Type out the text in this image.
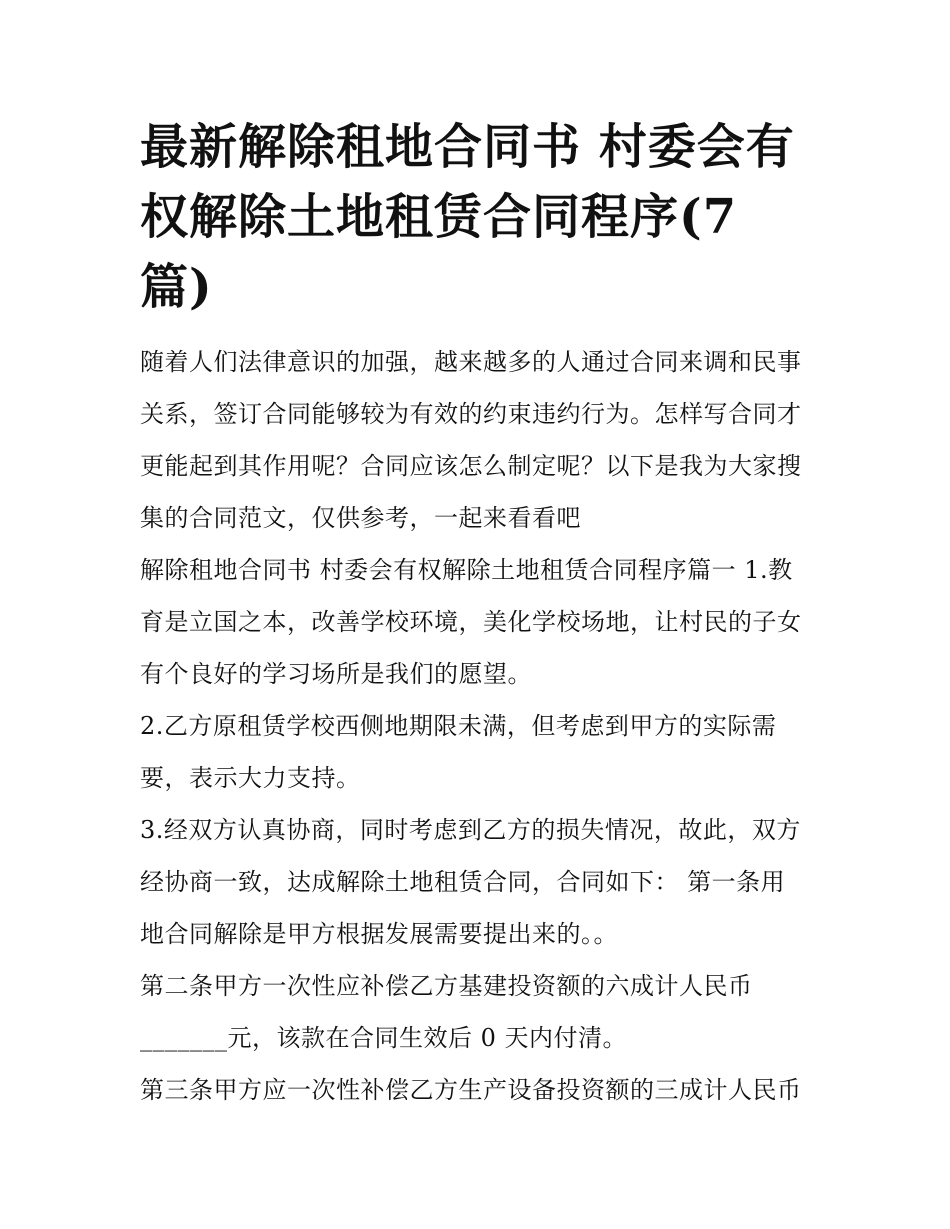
最新解除租地合同书 村委会有
权解除土地租赁合同程序(7
篇)

随着人们法律意识的加强，越来越多的人通过合同来调和民事
关系，签订合同能够较为有效的约束违约行为。怎样写合同才
更能起到其作用呢？合同应该怎么制定呢？以下是我为大家搜
集的合同范文，仅供参考，一起来看看吧

解除租地合同书 村委会有权解除土地租赁合同程序篇一 1.教
育是立国之本，改善学校环境，美化学校场地，让村民的子女
有个良好的学习场所是我们的愿望。

2.乙方原租赁学校西侧地期限未满，但考虑到甲方的实际需
要，表示大力支持。

3.经双方认真协商，同时考虑到乙方的损失情况，故此，双方
经协商一致，达成解除土地租赁合同，合同如下： 第一条用
地合同解除是甲方根据发展需要提出来的。。

第二条甲方一次性应补偿乙方基建投资额的六成计人民币
_______元，该款在合同生效后 0 天内付清。

第三条甲方应一次性补偿乙方生产设备投资额的三成计人民币
